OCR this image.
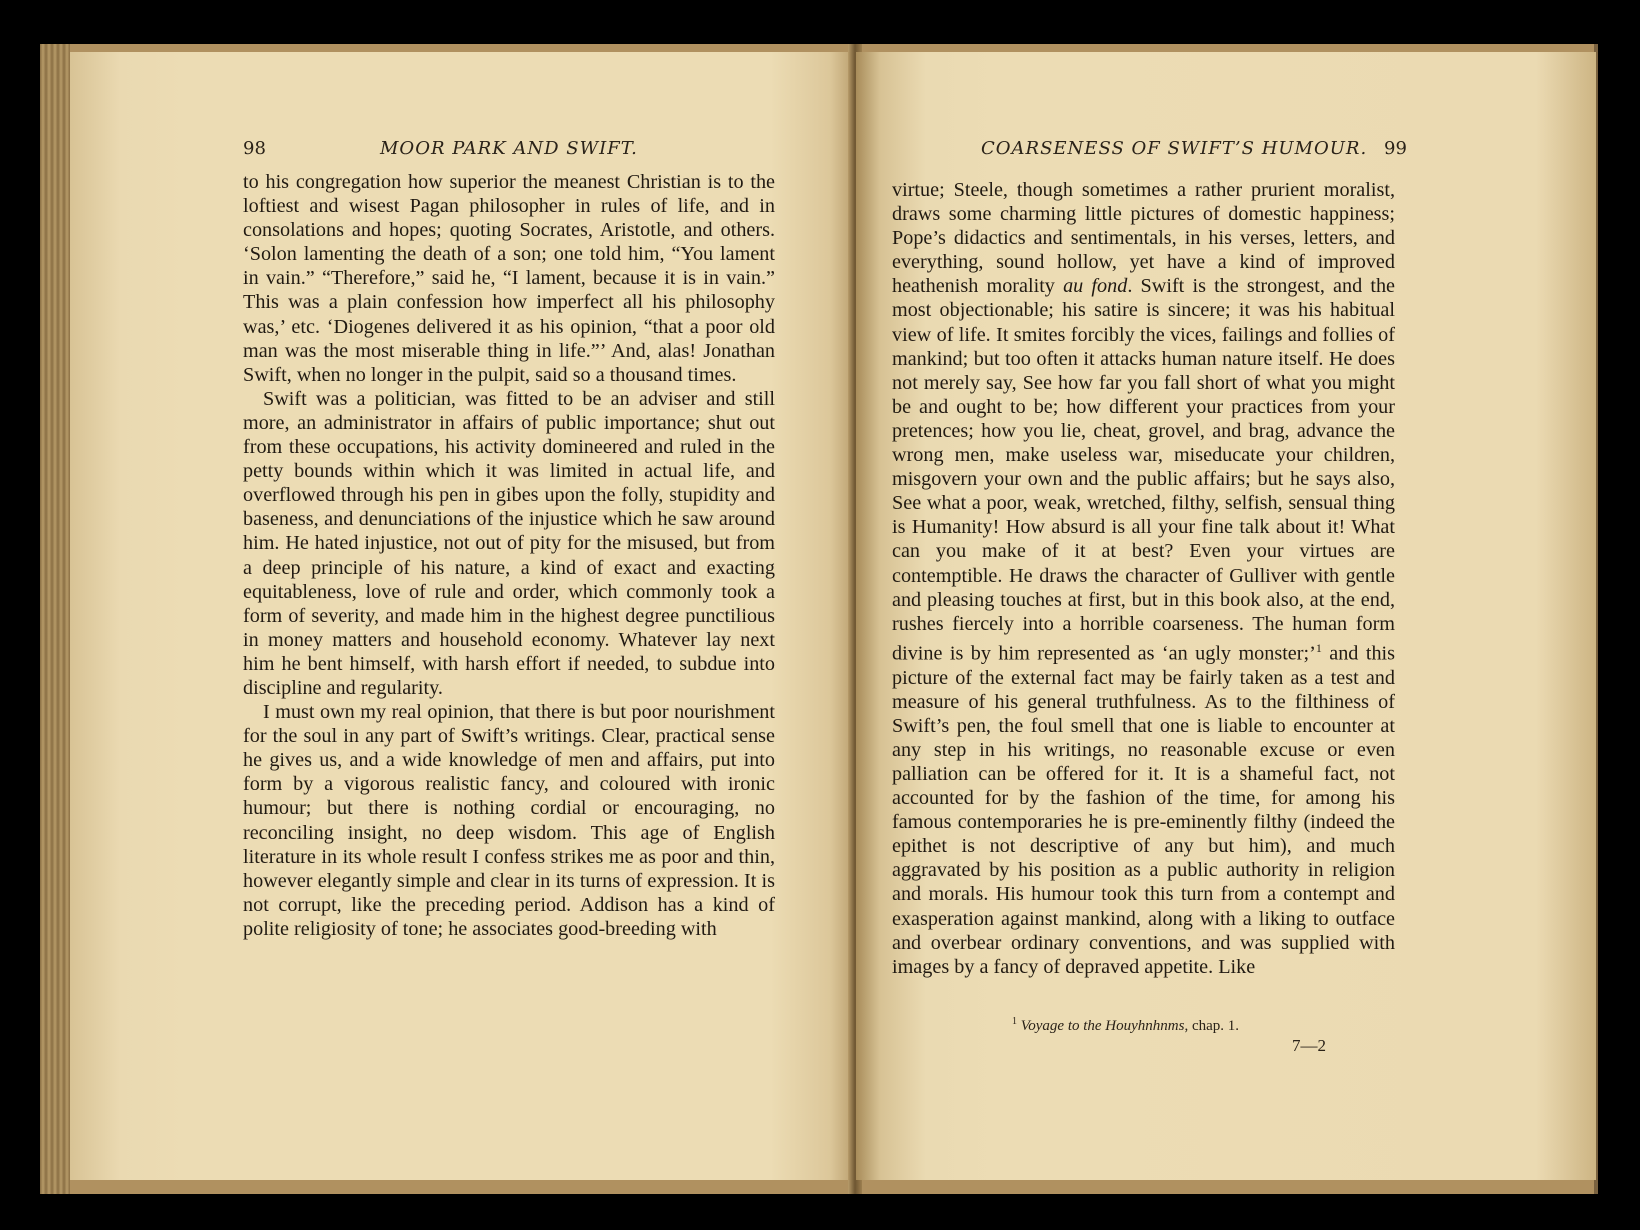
98	MOOR PARK AND SWIFT.

to his congregation how superior the meanest Christian is to the loftiest and wisest Pagan philosopher in rules of life, and in consolations and hopes; quoting Socrates, Aristotle, and others. ‘Solon lamenting the death of a son; one told him, “You lament in vain.” “Therefore,” said he, “I lament, because it is in vain.” This was a plain confession how imperfect all his philosophy was,’ etc. ‘Diogenes delivered it as his opinion, “that a poor old man was the most miserable thing in life.”’ And, alas! Jonathan Swift, when no longer in the pulpit, said so a thousand times.

Swift was a politician, was fitted to be an adviser and still more, an administrator in affairs of public importance; shut out from these occupations, his activity domineered and ruled in the petty bounds within which it was limited in actual life, and overflowed through his pen in gibes upon the folly, stupidity and baseness, and denunciations of the injustice which he saw around him. He hated injustice, not out of pity for the misused, but from a deep principle of his nature, a kind of exact and exacting equitableness, love of rule and order, which commonly took a form of severity, and made him in the highest degree punctilious in money matters and household economy. Whatever lay next him he bent himself, with harsh effort if needed, to subdue into discipline and regularity.

I must own my real opinion, that there is but poor nourishment for the soul in any part of Swift’s writings. Clear, practical sense he gives us, and a wide knowledge of men and affairs, put into form by a vigorous realistic fancy, and coloured with ironic humour; but there is nothing cordial or encouraging, no reconciling insight, no deep wisdom. This age of English literature in its whole result I confess strikes me as poor and thin, however elegantly simple and clear in its turns of expression. It is not corrupt, like the preceding period. Addison has a kind of polite religiosity of tone; he associates good-breeding with

COARSENESS OF SWIFT’S HUMOUR. 99

virtue; Steele, though sometimes a rather prurient moralist, draws some charming little pictures of domestic happiness; Pope’s didactics and sentimentals, in his verses, letters, and everything, sound hollow, yet have a kind of improved heathenish morality au fond. Swift is the strongest, and the most objectionable; his satire is sincere; it was his habitual view of life. It smites forcibly the vices, failings and follies of mankind; but too often it attacks human nature itself. He does not merely say, See how far you fall short of what you might be and ought to be; how different your practices from your pretences; how you lie, cheat, grovel, and brag, advance the wrong men, make useless war, miseducate your children, misgovern your own and the public affairs; but he says also, See what a poor, weak, wretched, filthy, selfish, sensual thing is Humanity! How absurd is all your fine talk about it! What can you make of it at best? Even your virtues are contemptible. He draws the character of Gulliver with gentle and pleasing touches at first, but in this book also, at the end, rushes fiercely into a horrible coarseness. The human form divine is by him represented as ‘an ugly monster;’$^1$ and this picture of the external fact may be fairly taken as a test and measure of his general truthfulness. As to the filthiness of Swift’s pen, the foul smell that one is liable to encounter at any step in his writings, no reasonable excuse or even palliation can be offered for it. It is a shameful fact, not accounted for by the fashion of the time, for among his famous contemporaries he is pre-eminently filthy (indeed the epithet is not descriptive of any but him), and much aggravated by his position as a public authority in religion and morals. His humour took this turn from a contempt and exasperation against mankind, along with a liking to outface and overbear ordinary conventions, and was supplied with images by a fancy of depraved appetite. Like

$^1$ Voyage to the Houyhnhnms, chap. 1.
7—2
